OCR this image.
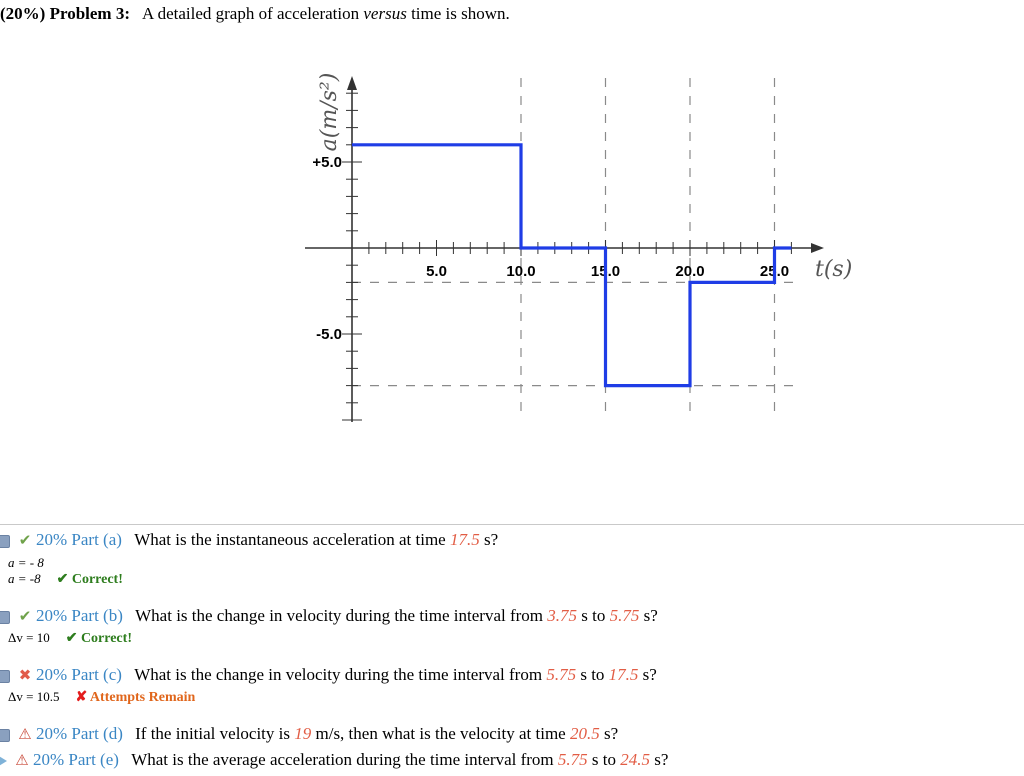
(20%) Problem 3: A detailed graph of acceleration versus time is shown.
5.0	10.0	15.0	20.0	25.0
+5.0
-5.0
a(m/s²)
t(s)
✔ 20% Part (a) What is the instantaneous acceleration at time 17.5 s?
a = - 8
a = -8 ✔ Correct!
✔ 20% Part (b) What is the change in velocity during the time interval from 3.75 s to 5.75 s?
Δv = 10 ✔ Correct!
✖ 20% Part (c) What is the change in velocity during the time interval from 5.75 s to 17.5 s?
Δv = 10.5 ✘ Attempts Remain
⚠ 20% Part (d) If the initial velocity is 19 m/s, then what is the velocity at time 20.5 s?
⚠ 20% Part (e) What is the average acceleration during the time interval from 5.75 s to 24.5 s?
